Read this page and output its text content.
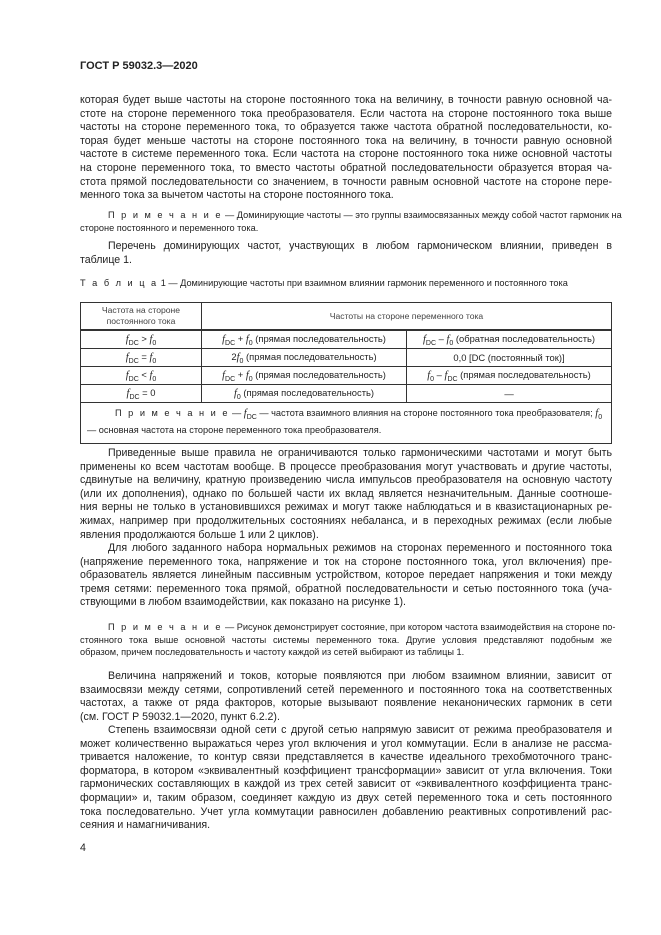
ГОСТ Р 59032.3—2020
которая будет выше частоты на стороне постоянного тока на величину, в точности равную основной ча-
стоте на стороне переменного тока преобразователя. Если частота на стороне постоянного тока выше
частоты на стороне переменного тока, то образуется также частота обратной последовательности, ко-
торая будет меньше частоты на стороне постоянного тока на величину, в точности равную основной
частоте в системе переменного тока. Если частота на стороне постоянного тока ниже основной частоты
на стороне переменного тока, то вместо частоты обратной последовательности образуется вторая ча-
стота прямой последовательности со значением, в точности равным основной частоте на стороне пере-
менного тока за вычетом частоты на стороне постоянного тока.
П р и м е ч а н и е — Доминирующие частоты — это группы взаимосвязанных между собой частот гармоник на
стороне постоянного и переменного тока.
Перечень доминирующих частот, участвующих в любом гармоническом влиянии, приведен в
таблице 1.
Т а б л и ц а 1 — Доминирующие частоты при взаимном влиянии гармоник переменного и постоянного тока
Частота на стороне постоянного тока	Частоты на стороне переменного тока	
$f_{DC} > f_0$	$f_{DC} + f_0$ (прямая последовательность)	$f_{DC} - f_0$ (обратная последовательность)
$f_{DC} = f_0$	$2f_0$ (прямая последовательность)	0,0 [DC (постоянный ток)]
$f_{DC} < f_0$	$f_{DC} + f_0$ (прямая последовательность)	$f_0 - f_{DC}$ (прямая последовательность)
$f_{DC} = 0$	$f_0$ (прямая последовательность)	—
П р и м е ч а н и е — $f_{DC}$ — частота взаимного влияния на стороне постоянного тока преобразователя; $f_0$ — основная частота на стороне переменного тока преобразователя.		
Приведенные выше правила не ограничиваются только гармоническими частотами и могут быть
применены ко всем частотам вообще. В процессе преобразования могут участвовать и другие частоты,
сдвинутые на величину, кратную произведению числа импульсов преобразователя на основную частоту
(или их дополнения), однако по большей части их вклад является незначительным. Данные соотноше-
ния верны не только в установившихся режимах и могут также наблюдаться и в квазистационарных ре-
жимах, например при продолжительных состояниях небаланса, и в переходных режимах (если любые
явления продолжаются больше 1 или 2 циклов).
Для любого заданного набора нормальных режимов на сторонах переменного и постоянного тока
(напряжение переменного тока, напряжение и ток на стороне постоянного тока, угол включения) пре-
образователь является линейным пассивным устройством, которое передает напряжения и токи между
тремя сетями: переменного тока прямой, обратной последовательности и сетью постоянного тока (уча-
ствующими в любом взаимодействии, как показано на рисунке 1).
П р и м е ч а н и е — Рисунок демонстрирует состояние, при котором частота взаимодействия на стороне по-
стоянного тока выше основной частоты системы переменного тока. Другие условия представляют подобным же
образом, причем последовательность и частоту каждой из сетей выбирают из таблицы 1.
Величина напряжений и токов, которые появляются при любом взаимном влиянии, зависит от
взаимосвязи между сетями, сопротивлений сетей переменного и постоянного тока на соответственных
частотах, а также от ряда факторов, которые вызывают появление неканонических гармоник в сети
(см. ГОСТ Р 59032.1—2020, пункт 6.2.2).
Степень взаимосвязи одной сети с другой сетью напрямую зависит от режима преобразователя и
может количественно выражаться через угол включения и угол коммутации. Если в анализе не рассма-
тривается наложение, то контур связи представляется в качестве идеального трехобмоточного транс-
форматора, в котором «эквивалентный коэффициент трансформации» зависит от угла включения. Токи
гармонических составляющих в каждой из трех сетей зависит от «эквивалентного коэффициента транс-
формации» и, таким образом, соединяет каждую из двух сетей переменного тока и сеть постоянного
тока последовательно. Учет угла коммутации равносилен добавлению реактивных сопротивлений рас-
сеяния и намагничивания.
4
